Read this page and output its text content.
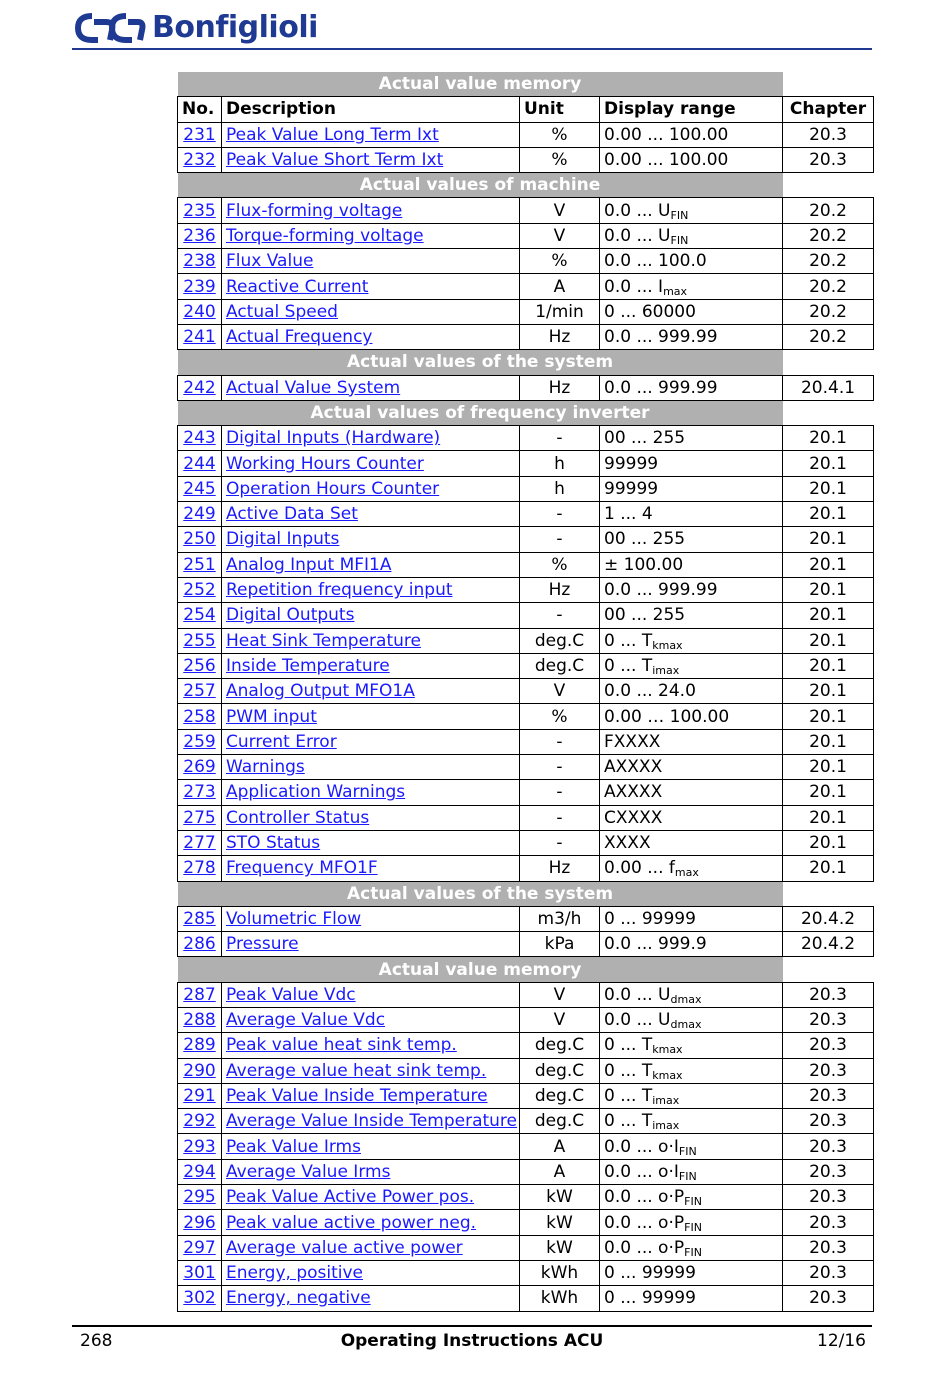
Bonfiglioli
Actual value memory				
No.	Description	Unit	Display range	Chapter
231	Peak Value Long Term Ixt	%	0.00 ... 100.00	20.3
232	Peak Value Short Term Ixt	%	0.00 ... 100.00	20.3
Actual values of machine				
235	Flux-forming voltage	V	0.0 ... $U_{FIN}$	20.2
236	Torque-forming voltage	V	0.0 ... $U_{FIN}$	20.2
238	Flux Value	%	0.0 ... 100.0	20.2
239	Reactive Current	A	0.0 ... $I_{max}$	20.2
240	Actual Speed	1/min	0 ... 60000	20.2
241	Actual Frequency	Hz	0.0 ... 999.99	20.2
Actual values of the system				
242	Actual Value System	Hz	0.0 ... 999.99	20.4.1
Actual values of frequency inverter				
243	Digital Inputs (Hardware)	-	00 ... 255	20.1
244	Working Hours Counter	h	99999	20.1
245	Operation Hours Counter	h	99999	20.1
249	Active Data Set	-	1 ... 4	20.1
250	Digital Inputs	-	00 ... 255	20.1
251	Analog Input MFI1A	%	± 100.00	20.1
252	Repetition frequency input	Hz	0.0 ... 999.99	20.1
254	Digital Outputs	-	00 ... 255	20.1
255	Heat Sink Temperature	deg.C	0 ... $T_{kmax}$	20.1
256	Inside Temperature	deg.C	0 ... $T_{imax}$	20.1
257	Analog Output MFO1A	V	0.0 ... 24.0	20.1
258	PWM input	%	0.00 … 100.00	20.1
259	Current Error	-	FXXXX	20.1
269	Warnings	-	AXXXX	20.1
273	Application Warnings	-	AXXXX	20.1
275	Controller Status	-	CXXXX	20.1
277	STO Status	-	XXXX	20.1
278	Frequency MFO1F	Hz	0.00 ... $f_{max}$	20.1
Actual values of the system				
285	Volumetric Flow	m3/h	0 ... 99999	20.4.2
286	Pressure	kPa	0.0 ... 999.9	20.4.2
Actual value memory				
287	Peak Value Vdc	V	0.0 ... $U_{dmax}$	20.3
288	Average Value Vdc	V	0.0 ... $U_{dmax}$	20.3
289	Peak value heat sink temp.	deg.C	0 ... $T_{kmax}$	20.3
290	Average value heat sink temp.	deg.C	0 ... $T_{kmax}$	20.3
291	Peak Value Inside Temperature	deg.C	0 ... $T_{imax}$	20.3
292	Average Value Inside Temperature	deg.C	0 ... $T_{imax}$	20.3
293	Peak Value Irms	A	0.0 ... $o\cdot I_{FIN}$	20.3
294	Average Value Irms	A	0.0 ... $o\cdot I_{FIN}$	20.3
295	Peak Value Active Power pos.	kW	0.0 ... $o\cdot P_{FIN}$	20.3
296	Peak value active power neg.	kW	0.0 ... $o\cdot P_{FIN}$	20.3
297	Average value active power	kW	0.0 ... $o\cdot P_{FIN}$	20.3
301	Energy, positive	kWh	0 ... 99999	20.3
302	Energy, negative	kWh	0 ... 99999	20.3
268	Operating Instructions ACU	12/16
